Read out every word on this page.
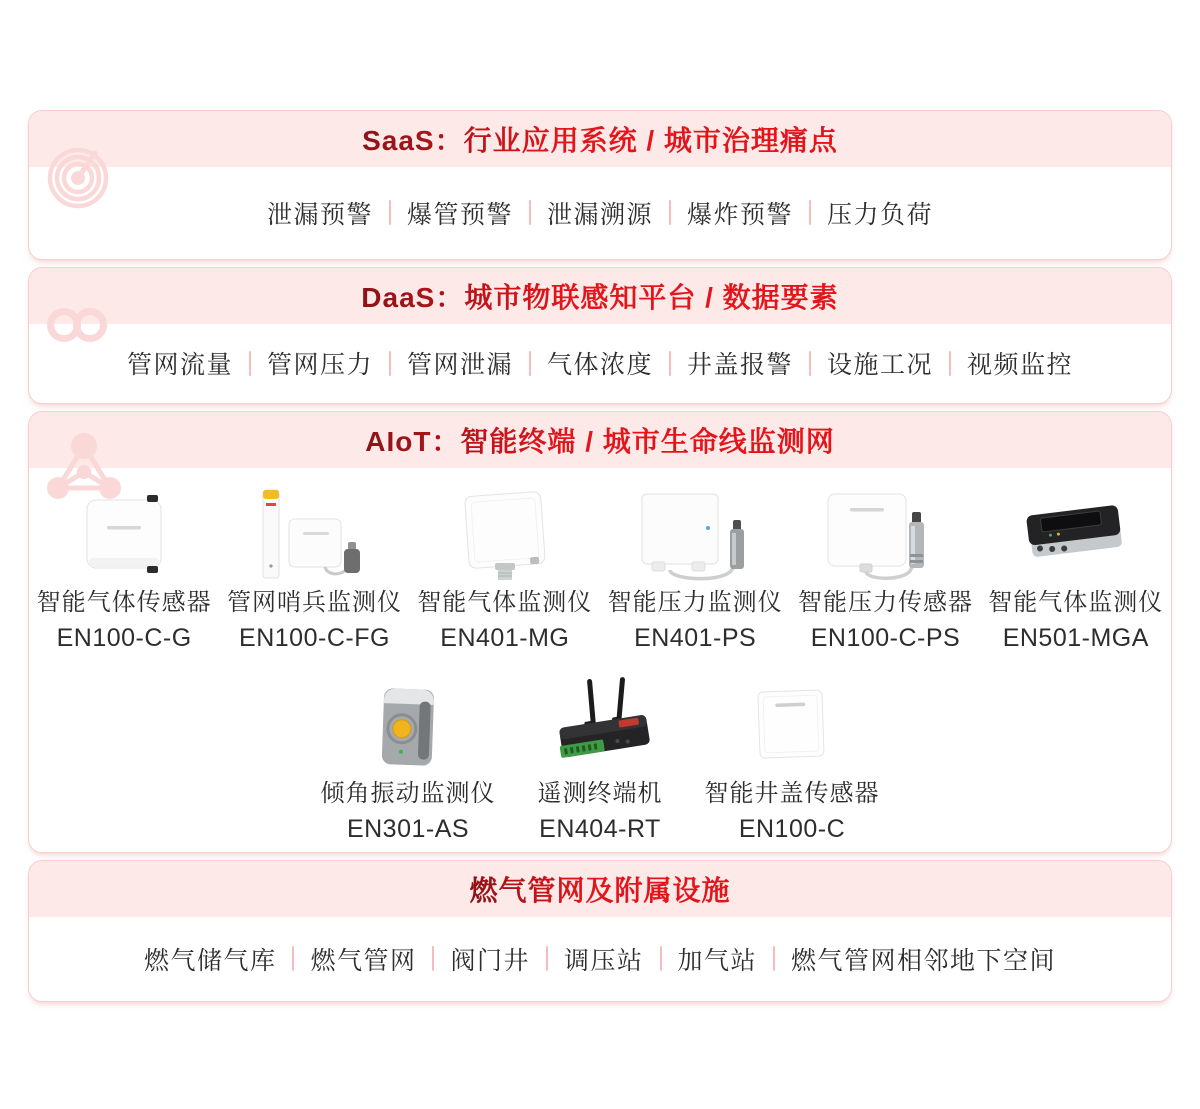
SaaS：行业应用系统 / 城市治理痛点
泄漏预警 爆管预警 泄漏溯源 爆炸预警 压力负荷
DaaS：城市物联感知平台 / 数据要素
管网流量 管网压力 管网泄漏 气体浓度 井盖报警 设施工况 视频监控
AIoT：智能终端 / 城市生命线监测网
智能气体传感器
EN100-C-G
管网哨兵监测仪
EN100-C-FG
智能气体监测仪
EN401-MG
智能压力监测仪
EN401-PS
智能压力传感器
EN100-C-PS
智能气体监测仪
EN501-MGA
倾角振动监测仪
EN301-AS
遥测终端机
EN404-RT
智能井盖传感器
EN100-C
燃气管网及附属设施
燃气储气库 燃气管网 阀门井 调压站 加气站 燃气管网相邻地下空间
